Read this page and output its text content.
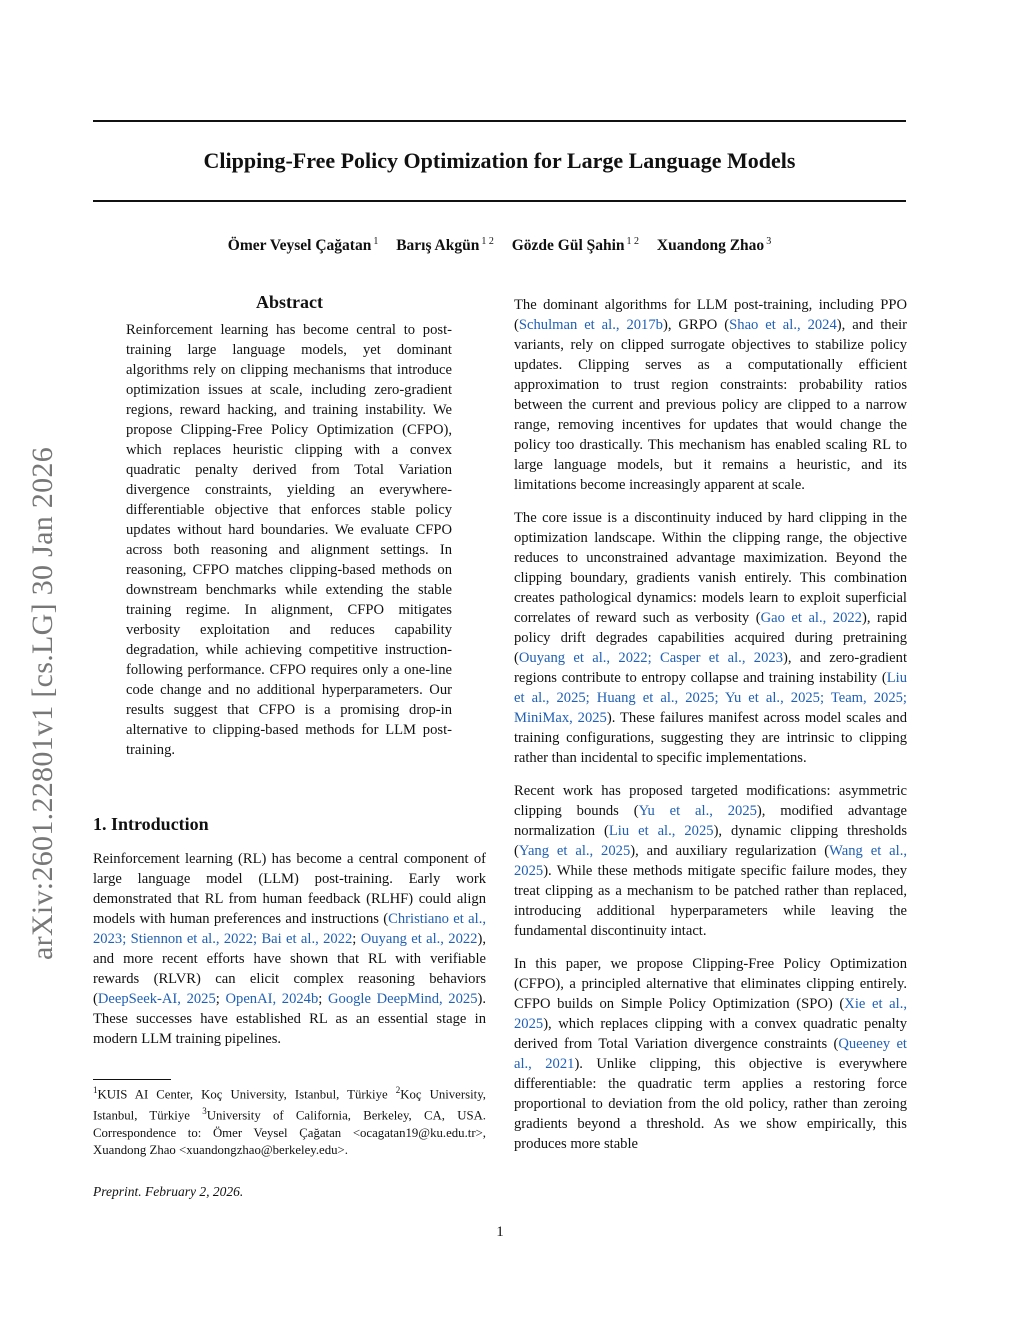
arXiv:2601.22801v1 [cs.LG] 30 Jan 2026
Clipping-Free Policy Optimization for Large Language Models
Ömer Veysel Çağatan $^1$ Barış Akgün $^{1 2}$ Gözde Gül Şahin $^{1 2}$ Xuandong Zhao $^3$
Abstract

Reinforcement learning has become central to post-training large language models, yet dominant algorithms rely on clipping mechanisms that introduce optimization issues at scale, including zero-gradient regions, reward hacking, and training instability. We propose Clipping-Free Policy Optimization (CFPO), which replaces heuristic clipping with a convex quadratic penalty derived from Total Variation divergence constraints, yielding an everywhere-differentiable objective that enforces stable policy updates without hard boundaries. We evaluate CFPO across both reasoning and alignment settings. In reasoning, CFPO matches clipping-based methods on downstream benchmarks while extending the stable training regime. In alignment, CFPO mitigates verbosity exploitation and reduces capability degradation, while achieving competitive instruction-following performance. CFPO requires only a one-line code change and no additional hyperparameters. Our results suggest that CFPO is a promising drop-in alternative to clipping-based methods for LLM post-training.

1. Introduction

Reinforcement learning (RL) has become a central component of large language model (LLM) post-training. Early work demonstrated that RL from human feedback (RLHF) could align models with human preferences and instructions (Christiano et al., 2023; Stiennon et al., 2022; Bai et al., 2022; Ouyang et al., 2022), and more recent efforts have shown that RL with verifiable rewards (RLVR) can elicit complex reasoning behaviors (DeepSeek-AI, 2025; OpenAI, 2024b; Google DeepMind, 2025). These successes have established RL as an essential stage in modern LLM training pipelines.

$^1$KUIS AI Center, Koç University, Istanbul, Türkiye $^2$Koç University, Istanbul, Türkiye $^3$University of California, Berkeley, CA, USA. Correspondence to: Ömer Veysel Çağatan <ocagatan19@ku.edu.tr>, Xuandong Zhao <xuandongzhao@berkeley.edu>.

Preprint. February 2, 2026.

The dominant algorithms for LLM post-training, including PPO (Schulman et al., 2017b), GRPO (Shao et al., 2024), and their variants, rely on clipped surrogate objectives to stabilize policy updates. Clipping serves as a computationally efficient approximation to trust region constraints: probability ratios between the current and previous policy are clipped to a narrow range, removing incentives for updates that would change the policy too drastically. This mechanism has enabled scaling RL to large language models, but it remains a heuristic, and its limitations become increasingly apparent at scale.

The core issue is a discontinuity induced by hard clipping in the optimization landscape. Within the clipping range, the objective reduces to unconstrained advantage maximization. Beyond the clipping boundary, gradients vanish entirely. This combination creates pathological dynamics: models learn to exploit superficial correlates of reward such as verbosity (Gao et al., 2022), rapid policy drift degrades capabilities acquired during pretraining (Ouyang et al., 2022; Casper et al., 2023), and zero-gradient regions contribute to entropy collapse and training instability (Liu et al., 2025; Huang et al., 2025; Yu et al., 2025; Team, 2025; MiniMax, 2025). These failures manifest across model scales and training configurations, suggesting they are intrinsic to clipping rather than incidental to specific implementations.

Recent work has proposed targeted modifications: asymmetric clipping bounds (Yu et al., 2025), modified advantage normalization (Liu et al., 2025), dynamic clipping thresholds (Yang et al., 2025), and auxiliary regularization (Wang et al., 2025). While these methods mitigate specific failure modes, they treat clipping as a mechanism to be patched rather than replaced, introducing additional hyperparameters while leaving the fundamental discontinuity intact.

In this paper, we propose Clipping-Free Policy Optimization (CFPO), a principled alternative that eliminates clipping entirely. CFPO builds on Simple Policy Optimization (SPO) (Xie et al., 2025), which replaces clipping with a convex quadratic penalty derived from Total Variation divergence constraints (Queeney et al., 2021). Unlike clipping, this objective is everywhere differentiable: the quadratic term applies a restoring force proportional to deviation from the old policy, rather than zeroing gradients beyond a threshold. As we show empirically, this produces more stable

1
